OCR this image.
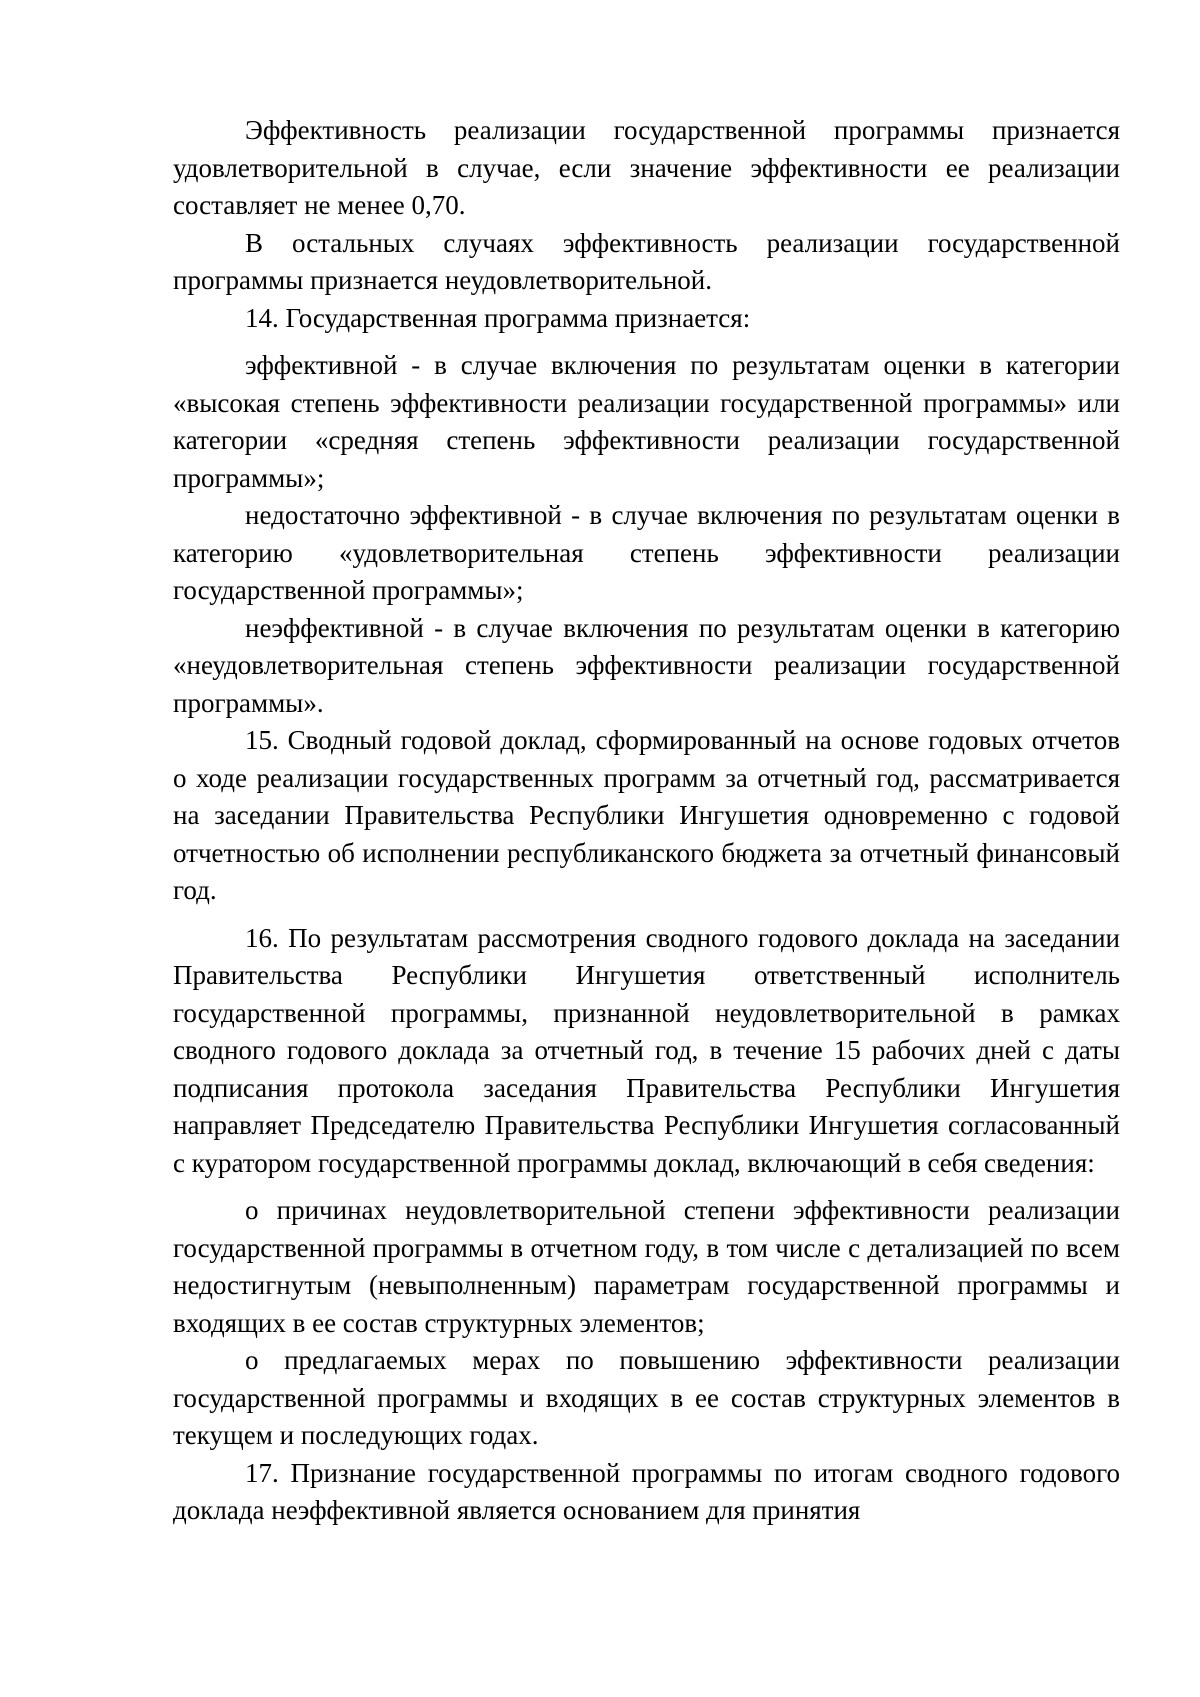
Эффективность реализации государственной программы признается удовлетворительной в случае, если значение эффективности ее реализации составляет не менее 0,70.

В остальных случаях эффективность реализации государственной программы признается неудовлетворительной.

14. Государственная программа признается:

эффективной - в случае включения по результатам оценки в категории «высокая степень эффективности реализации государственной программы» или категории «средняя степень эффективности реализации государственной программы»;

недостаточно эффективной - в случае включения по результатам оценки в категорию «удовлетворительная степень эффективности реализации государственной программы»;

неэффективной - в случае включения по результатам оценки в категорию «неудовлетворительная степень эффективности реализации государственной программы».

15. Сводный годовой доклад, сформированный на основе годовых отчетов о ходе реализации государственных программ за отчетный год, рассматривается на заседании Правительства Республики Ингушетия одновременно с годовой отчетностью об исполнении республиканского бюджета за отчетный финансовый год.

16. По результатам рассмотрения сводного годового доклада на заседании Правительства Республики Ингушетия ответственный исполнитель государственной программы, признанной неудовлетворительной в рамках сводного годового доклада за отчетный год, в течение 15 рабочих дней с даты подписания протокола заседания Правительства Республики Ингушетия направляет Председателю Правительства Республики Ингушетия согласованный с куратором государственной программы доклад, включающий в себя сведения:

о причинах неудовлетворительной степени эффективности реализации государственной программы в отчетном году, в том числе с детализацией по всем недостигнутым (невыполненным) параметрам государственной программы и входящих в ее состав структурных элементов;

о предлагаемых мерах по повышению эффективности реализации государственной программы и входящих в ее состав структурных элементов в текущем и последующих годах.

17. Признание государственной программы по итогам сводного годового доклада неэффективной является основанием для принятия
